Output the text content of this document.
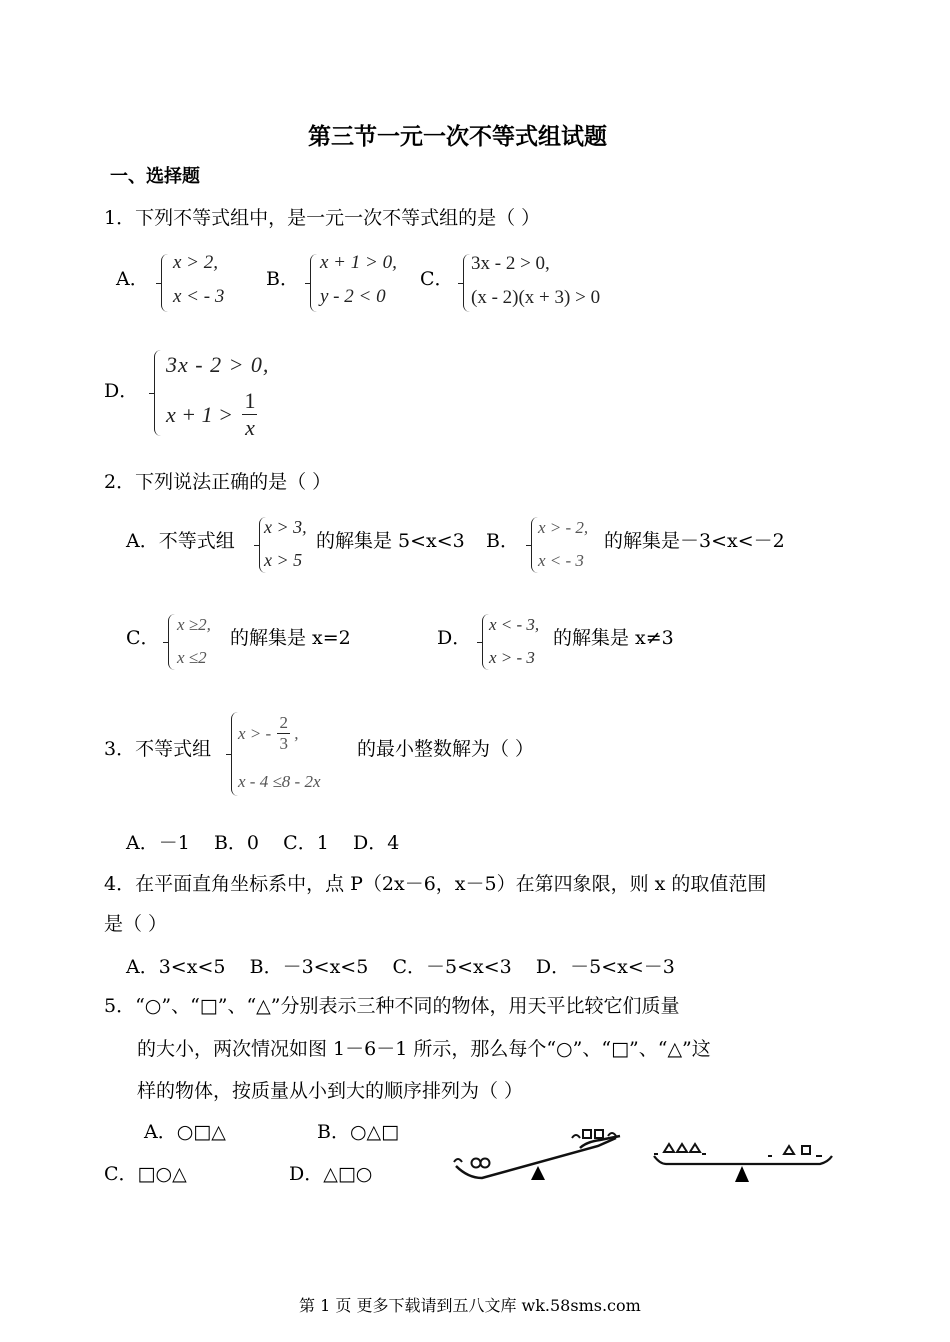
第三节一元一次不等式组试题
一、选择题
1．下列不等式组中，是一元一次不等式组的是（ ）
A．
x > 2,
x < - 3
B．
x + 1 > 0,
y - 2 < 0
C．
3x - 2 > 0,
(x - 2)(x + 3) > 0
D．
3x - 2 > 0,
$x + 1 > \frac{1}{x}$
2．下列说法正确的是（ ）
A．不等式组
x > 3,
x > 5
的解集是 5<x<3 B．
x > - 2,
x < - 3
的解集是－3<x<－2
C．
x ≥2,
x ≤2
的解集是 x=2	D．
x < - 3,
x > - 3
的解集是 x≠3
3．不等式组
x > - $\frac{2}{3}$ ,
x - 4 ≤8 - 2x
的最小整数解为（ ）
A．－1    B．0    C．1    D．4
4．在平面直角坐标系中，点 P（2x－6，x－5）在第四象限，则 x 的取值范围
是（ ）
A．3<x<5    B．－3<x<5    C．－5<x<3    D．－5<x<－3
5．“○”、“□”、“△”分别表示三种不同的物体，用天平比较它们质量
的大小，两次情况如图 1－6－1 所示，那么每个“○”、“□”、“△”这
样的物体，按质量从小到大的顺序排列为（ ）
A．○□△	B．○△□
C．□○△	D．△□○
第 1 页 更多下载请到五八文库 wk.58sms.com
